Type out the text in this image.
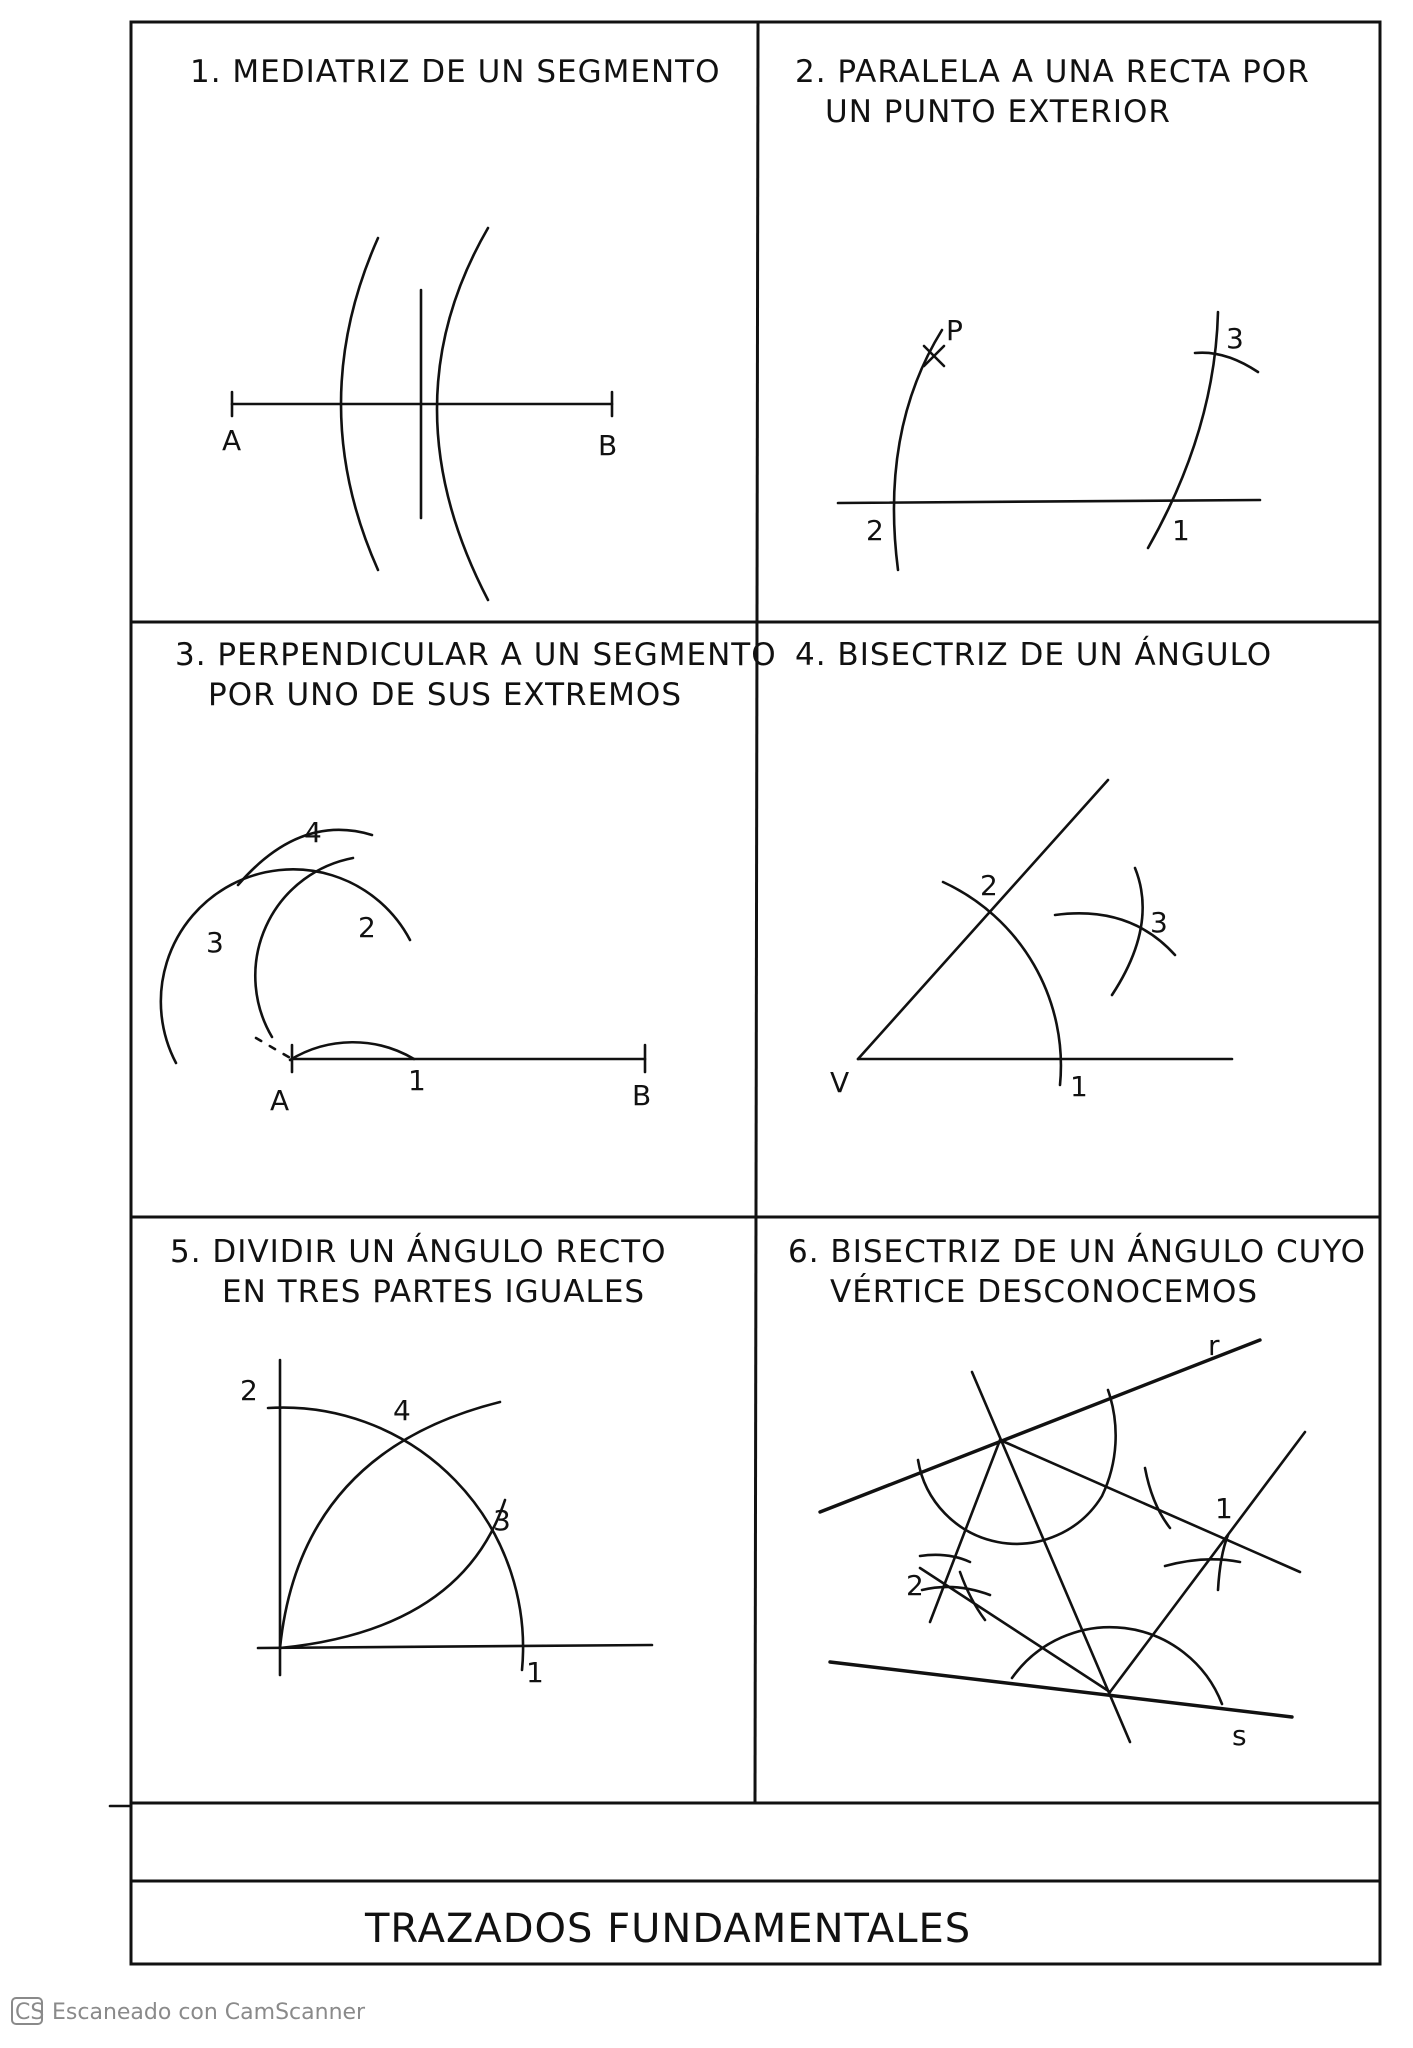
1. MEDIATRIZ DE UN SEGMENTO
A	B
2. PARALELA A UNA RECTA POR
UN PUNTO EXTERIOR
P	3
2	1
3. PERPENDICULAR A UN SEGMENTO
POR UNO DE SUS EXTREMOS
4
3	2
1
A	B
4. BISECTRIZ DE UN ÁNGULO
V
2
3
1
5. DIVIDIR UN ÁNGULO RECTO
EN TRES PARTES IGUALES
2
4
3
1
6. BISECTRIZ DE UN ÁNGULO CUYO
VÉRTICE DESCONOCEMOS
r
s
1
2
TRAZADOS FUNDAMENTALES
CS Escaneado con CamScanner
